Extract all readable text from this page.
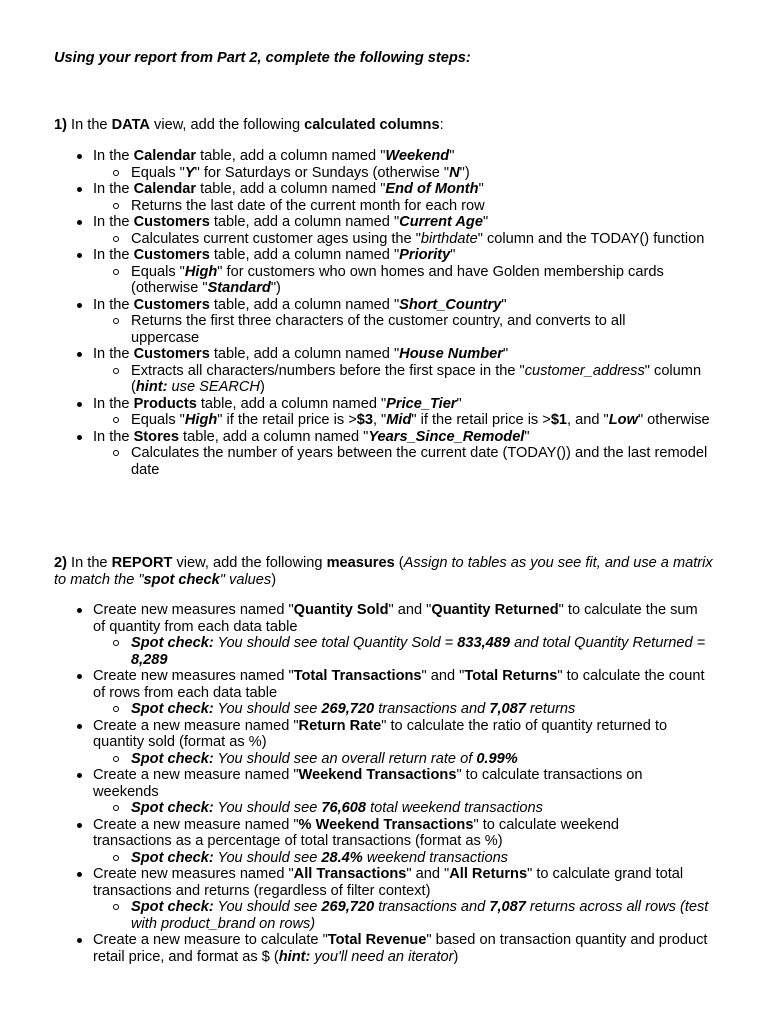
Using your report from Part 2, complete the following steps:

1) In the DATA view, add the following calculated columns:

In the Calendar table, add a column named "Weekend"
Equals "Y" for Saturdays or Sundays (otherwise "N")
In the Calendar table, add a column named "End of Month"
Returns the last date of the current month for each row
In the Customers table, add a column named "Current Age"
Calculates current customer ages using the "birthdate" column and the TODAY() function
In the Customers table, add a column named "Priority"
Equals "High" for customers who own homes and have Golden membership cards (otherwise "Standard")
In the Customers table, add a column named "Short_Country"
Returns the first three characters of the customer country, and converts to all uppercase
In the Customers table, add a column named "House Number"
Extracts all characters/numbers before the first space in the "customer_address" column (hint: use SEARCH)
In the Products table, add a column named "Price_Tier"
Equals "High" if the retail price is >$3, "Mid" if the retail price is >$1, and "Low" otherwise
In the Stores table, add a column named "Years_Since_Remodel"
Calculates the number of years between the current date (TODAY()) and the last remodel date

2) In the REPORT view, add the following measures (Assign to tables as you see fit, and use a matrix to match the "spot check" values)

Create new measures named "Quantity Sold" and "Quantity Returned" to calculate the sum of quantity from each data table
Spot check: You should see total Quantity Sold = 833,489 and total Quantity Returned = 8,289
Create new measures named "Total Transactions" and "Total Returns" to calculate the count of rows from each data table
Spot check: You should see 269,720 transactions and 7,087 returns
Create a new measure named "Return Rate" to calculate the ratio of quantity returned to quantity sold (format as %)
Spot check: You should see an overall return rate of 0.99%
Create a new measure named "Weekend Transactions" to calculate transactions on weekends
Spot check: You should see 76,608 total weekend transactions
Create a new measure named "% Weekend Transactions" to calculate weekend transactions as a percentage of total transactions (format as %)
Spot check: You should see 28.4% weekend transactions
Create new measures named "All Transactions" and "All Returns" to calculate grand total transactions and returns (regardless of filter context)
Spot check: You should see 269,720 transactions and 7,087 returns across all rows (test with product_brand on rows)
Create a new measure to calculate "Total Revenue" based on transaction quantity and product retail price, and format as $ (hint: you'll need an iterator)
